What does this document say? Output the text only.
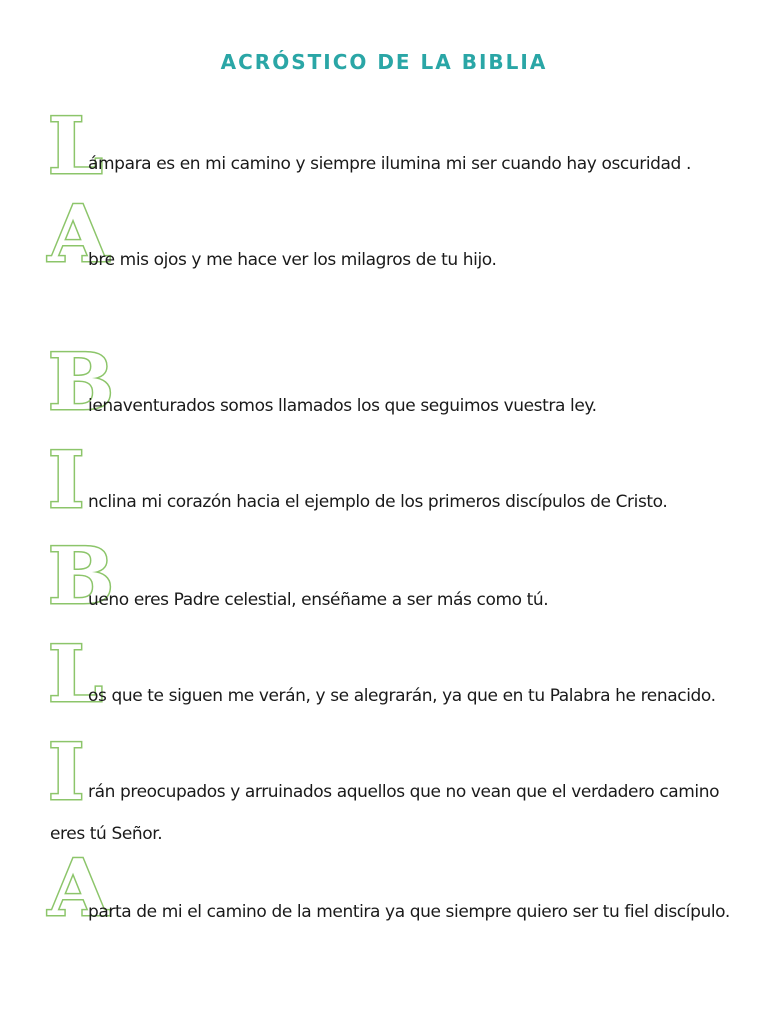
ACRÓSTICO DE LA BIBLIA
L
ámpara es en mi camino y siempre ilumina mi ser cuando hay oscuridad .
A
bre mis ojos y me hace ver los milagros de tu hijo.
B
ienaventurados somos llamados los que seguimos vuestra ley.
I nclina mi corazón hacia el ejemplo de los primeros discípulos de Cristo.
B
ueno eres Padre celestial, enséñame a ser más como tú.
L
os que te siguen me verán, y se alegrarán, ya que en tu Palabra he renacido.
I rán preocupados y arruinados aquellos que no vean que el verdadero camino
eres tú Señor.
A
parta de mi el camino de la mentira ya que siempre quiero ser tu fiel discípulo.
